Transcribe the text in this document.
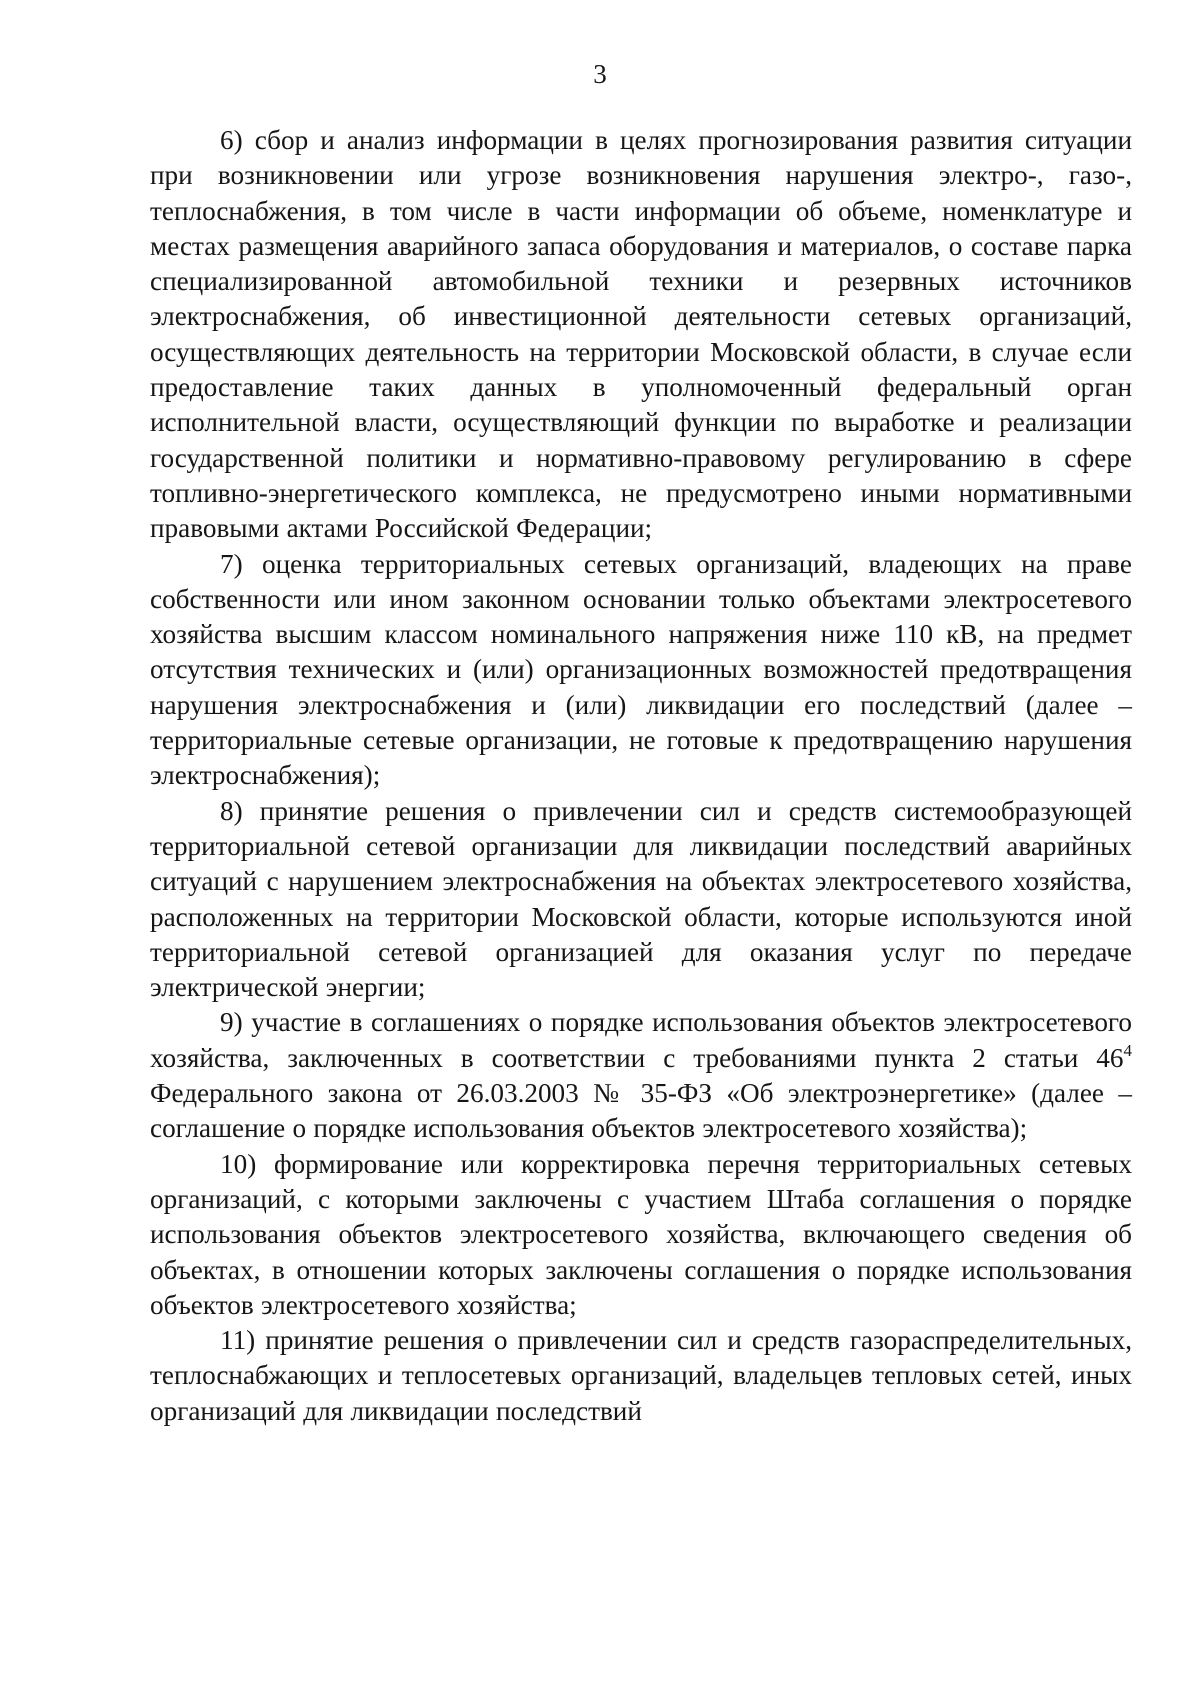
3

6) сбор и анализ информации в целях прогнозирования развития ситуации при возникновении или угрозе возникновения нарушения электро-, газо-, теплоснабжения, в том числе в части информации об объеме, номенклатуре и местах размещения аварийного запаса оборудования и материалов, о составе парка специализированной автомобильной техники и резервных источников электроснабжения, об инвестиционной деятельности сетевых организаций, осуществляющих деятельность на территории Московской области, в случае если предоставление таких данных в уполномоченный федеральный орган исполнительной власти, осуществляющий функции по выработке и реализации государственной политики и нормативно-правовому регулированию в сфере топливно-энергетического комплекса, не предусмотрено иными нормативными правовыми актами Российской Федерации;

7) оценка территориальных сетевых организаций, владеющих на праве собственности или ином законном основании только объектами электросетевого хозяйства высшим классом номинального напряжения ниже 110 кВ, на предмет отсутствия технических и (или) организационных возможностей предотвращения нарушения электроснабжения и (или) ликвидации его последствий (далее – территориальные сетевые организации, не готовые к предотвращению нарушения электроснабжения);

8) принятие решения о привлечении сил и средств системообразующей территориальной сетевой организации для ликвидации последствий аварийных ситуаций с нарушением электроснабжения на объектах электросетевого хозяйства, расположенных на территории Московской области, которые используются иной территориальной сетевой организацией для оказания услуг по передаче электрической энергии;

9) участие в соглашениях о порядке использования объектов электросетевого хозяйства, заключенных в соответствии с требованиями пункта 2 статьи $46^4$ Федерального закона от 26.03.2003 № 35-ФЗ «Об электроэнергетике» (далее – соглашение о порядке использования объектов электросетевого хозяйства);

10) формирование или корректировка перечня территориальных сетевых организаций, с которыми заключены с участием Штаба соглашения о порядке использования объектов электросетевого хозяйства, включающего сведения об объектах, в отношении которых заключены соглашения о порядке использования объектов электросетевого хозяйства;

11) принятие решения о привлечении сил и средств газораспределительных, теплоснабжающих и теплосетевых организаций, владельцев тепловых сетей, иных организаций для ликвидации последствий
